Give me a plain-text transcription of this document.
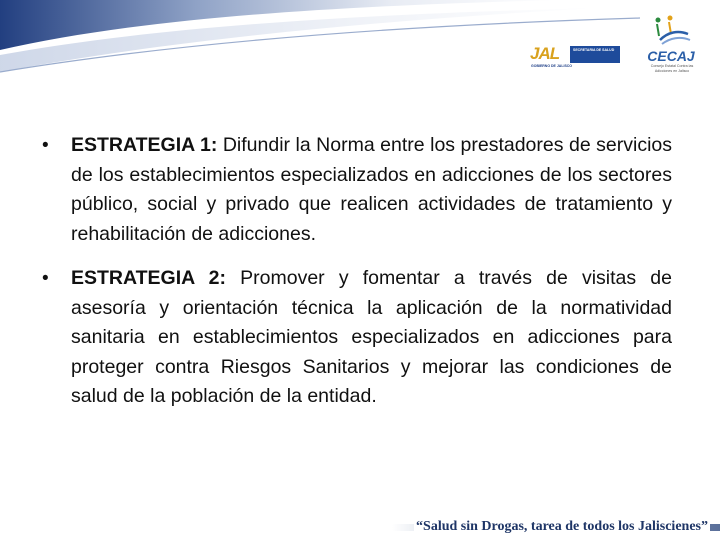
JAL
GOBIERNO DE JALISCO
SECRETARIA DE SALUD	CECAJ
Consejo Estatal Contra las Adicciones en Jalisco
• ESTRATEGIA 1: Difundir la Norma entre los prestadores de servicios de los establecimientos especializados en adicciones de los sectores público, social y privado que realicen actividades de tratamiento y rehabilitación de adicciones.
• ESTRATEGIA 2: Promover y fomentar a través de visitas de asesoría y orientación técnica la aplicación de la normatividad sanitaria en establecimientos especializados en adicciones para proteger contra Riesgos Sanitarios y mejorar las condiciones de salud de la población de la entidad.
“Salud sin Drogas, tarea de todos los Jaliscienes”
